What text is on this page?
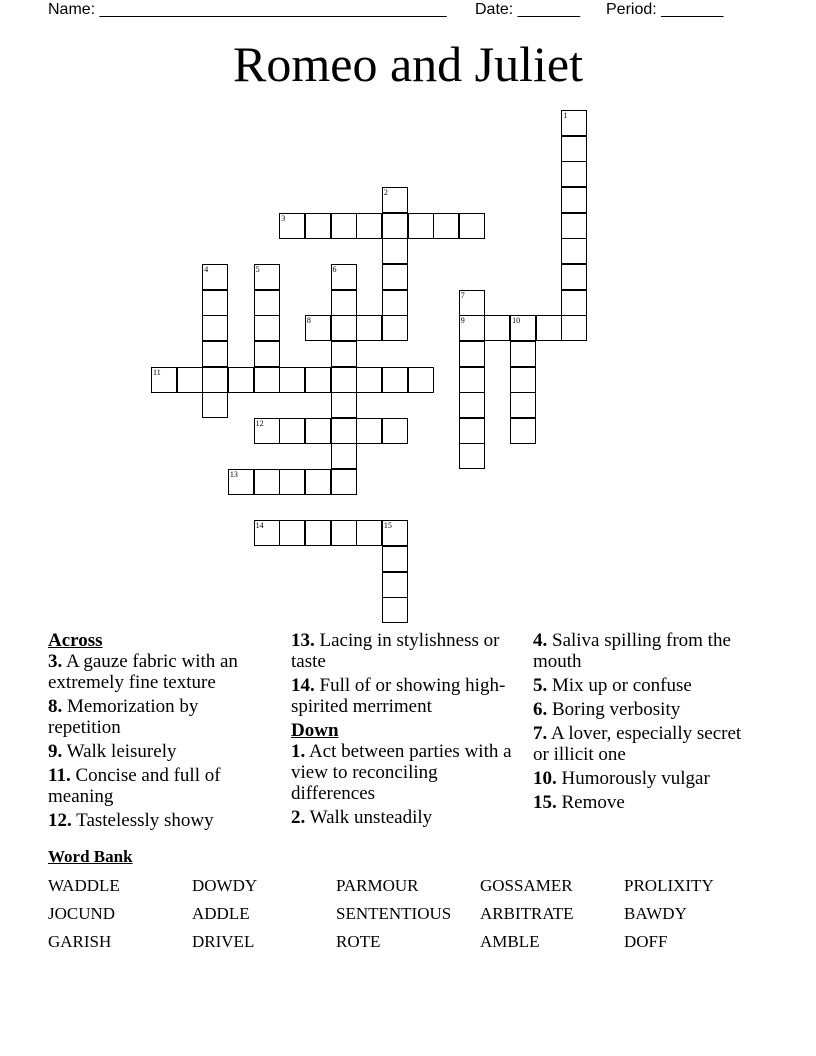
Name: _______________________________________ Date: _______ Period: _______
Romeo and Juliet
1
3
2
4	5	6
8	9	10
7
11
12
13
14	15

Across

3. A gauze fabric with an extremely fine texture

8. Memorization by repetition

9. Walk leisurely

11. Concise and full of meaning

12. Tastelessly showy

13. Lacing in stylishness or taste

14. Full of or showing high- spirited merriment

Down

1. Act between parties with a view to reconciling differences

2. Walk unsteadily

4. Saliva spilling from the mouth

5. Mix up or confuse

6. Boring verbosity

7. A lover, especially secret or illicit one

10. Humorously vulgar

15. Remove

Word Bank
WADDLE	DOWDY	PARMOUR	GOSSAMER	PROLIXITY
JOCUND	ADDLE	SENTENTIOUS ARBITRATE	BAWDY
GARISH	DRIVEL	ROTE	AMBLE	DOFF
